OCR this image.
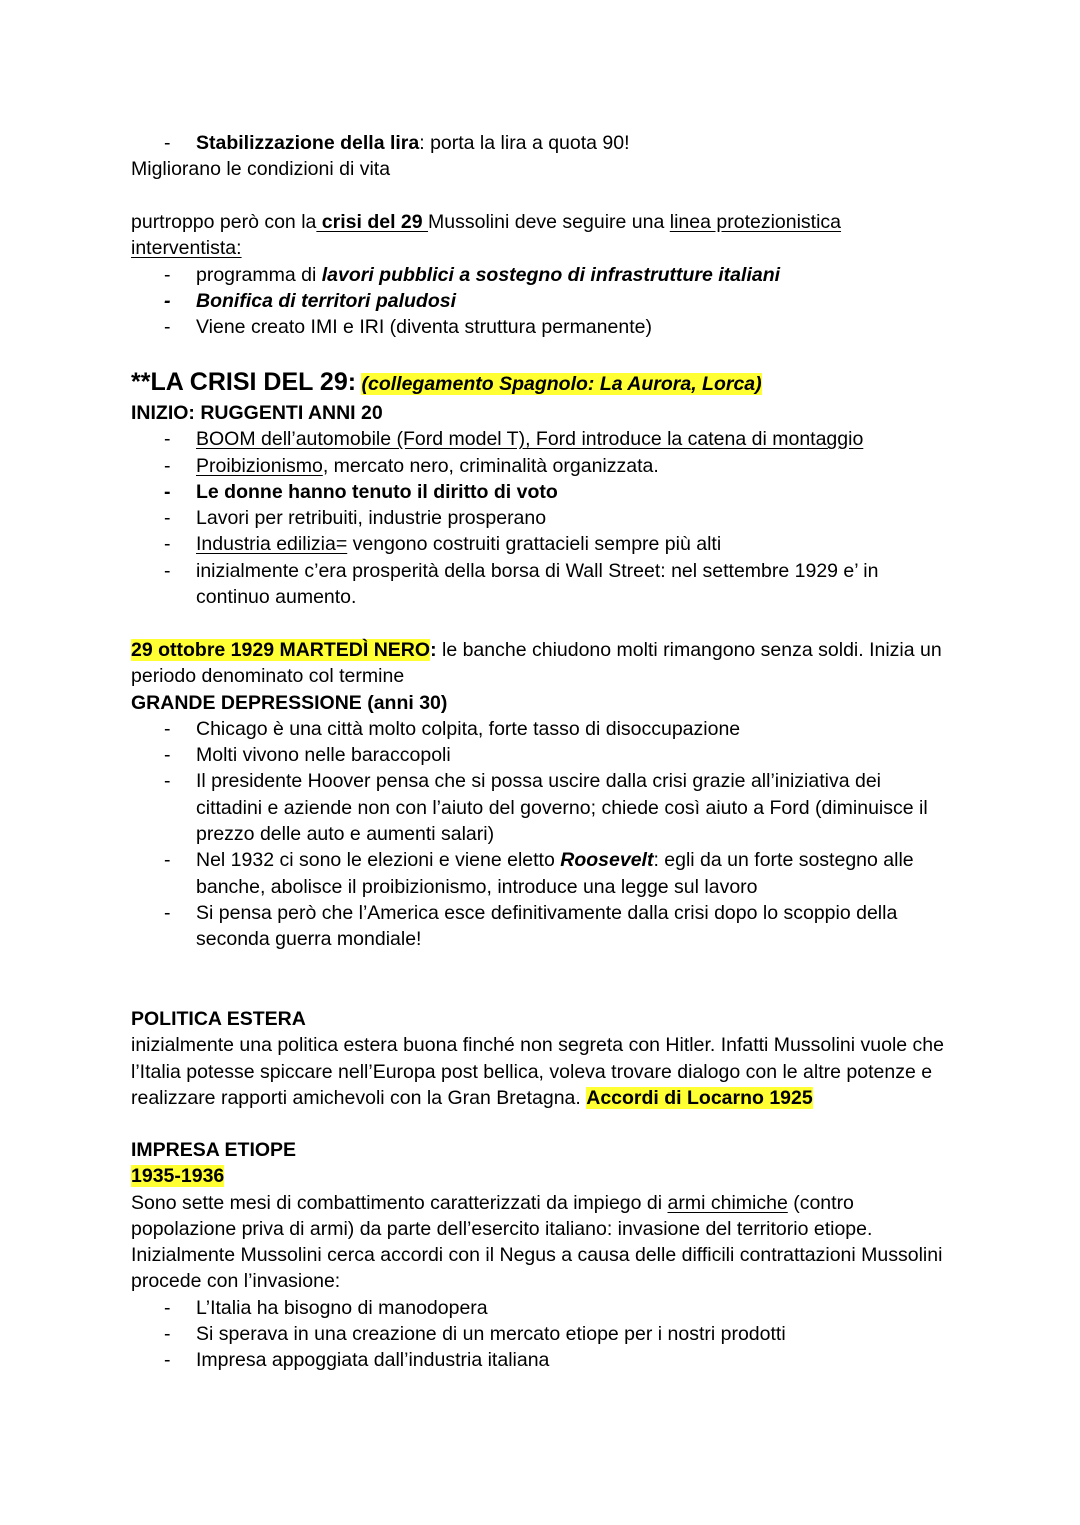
- Stabilizzazione della lira: porta la lira a quota 90!

Migliorano le condizioni di vita

purtroppo però con la crisi del 29 Mussolini deve seguire una linea protezionistica
interventista:

- programma di lavori pubblici a sostegno di infrastrutture italiani

- Bonifica di territori paludosi

- Viene creato IMI e IRI (diventa struttura permanente)

**LA CRISI DEL 29: (collegamento Spagnolo: La Aurora, Lorca)

INIZIO: RUGGENTI ANNI 20

- BOOM dell’automobile (Ford model T), Ford introduce la catena di montaggio

- Proibizionismo, mercato nero, criminalità organizzata.

- Le donne hanno tenuto il diritto di voto

- Lavori per retribuiti, industrie prosperano

- Industria edilizia= vengono costruiti grattacieli sempre più alti

- inizialmente c’era prosperità della borsa di Wall Street: nel settembre 1929 e’ in continuo aumento.

29 ottobre 1929 MARTEDÌ NERO: le banche chiudono molti rimangono senza soldi. Inizia un periodo denominato col termine

GRANDE DEPRESSIONE (anni 30)

- Chicago è una città molto colpita, forte tasso di disoccupazione

- Molti vivono nelle baraccopoli

- Il presidente Hoover pensa che si possa uscire dalla crisi grazie all’iniziativa dei cittadini e aziende non con l’aiuto del governo; chiede così aiuto a Ford (diminuisce il prezzo delle auto e aumenti salari)

- Nel 1932 ci sono le elezioni e viene eletto Roosevelt: egli da un forte sostegno alle banche, abolisce il proibizionismo, introduce una legge sul lavoro

- Si pensa però che l’America esce definitivamente dalla crisi dopo lo scoppio della seconda guerra mondiale!

POLITICA ESTERA

inizialmente una politica estera buona finché non segreta con Hitler. Infatti Mussolini vuole che l’Italia potesse spiccare nell’Europa post bellica, voleva trovare dialogo con le altre potenze e realizzare rapporti amichevoli con la Gran Bretagna. Accordi di Locarno 1925

IMPRESA ETIOPE

1935-1936

Sono sette mesi di combattimento caratterizzati da impiego di armi chimiche (contro popolazione priva di armi) da parte dell’esercito italiano: invasione del territorio etiope. Inizialmente Mussolini cerca accordi con il Negus a causa delle difficili contrattazioni Mussolini procede con l’invasione:

- L’Italia ha bisogno di manodopera

- Si sperava in una creazione di un mercato etiope per i nostri prodotti

- Impresa appoggiata dall’industria italiana
